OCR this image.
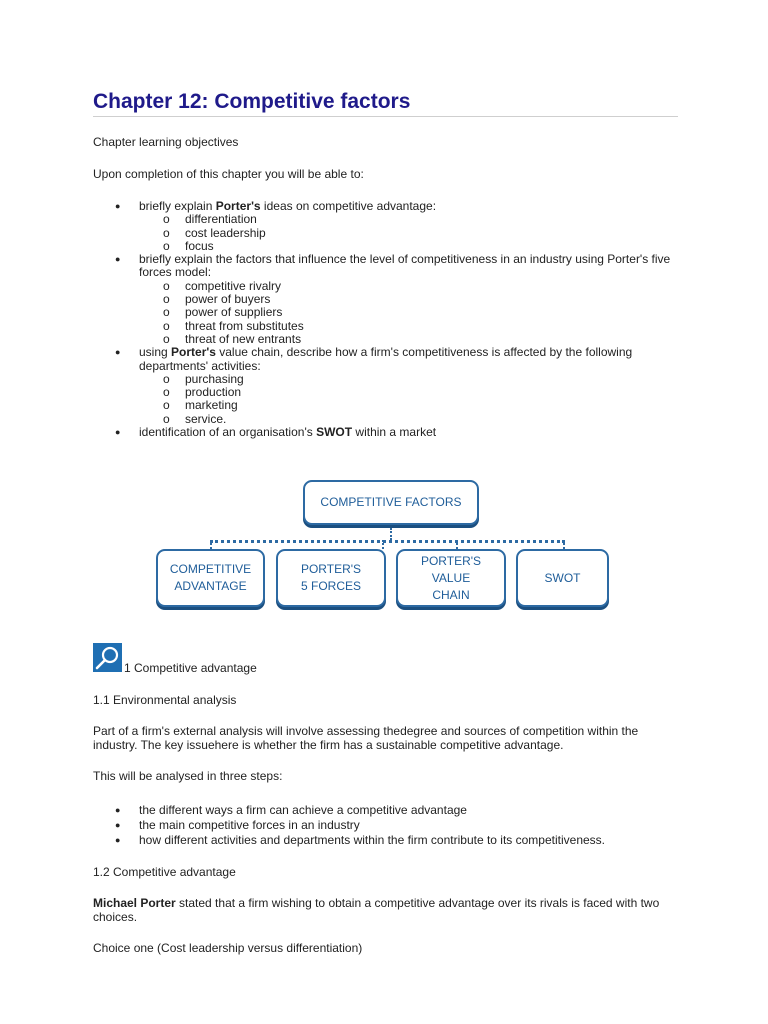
Chapter 12: Competitive factors

Chapter learning objectives

Upon completion of this chapter you will be able to:

● briefly explain Porter's ideas on competitive advantage:
o differentiation
o cost leadership
o focus
● briefly explain the factors that influence the level of competitiveness in an industry using Porter's five forces model:
o competitive rivalry
o power of buyers
o power of suppliers
o threat from substitutes
o threat of new entrants
● using Porter's value chain, describe how a firm's competitiveness is affected by the following departments' activities:
o purchasing
o production
o marketing
o service.
● identification of an organisation's SWOT within a market
COMPETITIVE FACTORS
COMPETITIVE
ADVANTAGE
PORTER'S
5 FORCES
PORTER'S VALUE
CHAIN
SWOT

1 Competitive advantage

1.1 Environmental analysis

Part of a firm's external analysis will involve assessing thedegree and sources of competition within the industry. The key issuehere is whether the firm has a sustainable competitive advantage.

This will be analysed in three steps:

● the different ways a firm can achieve a competitive advantage
● the main competitive forces in an industry
● how different activities and departments within the firm contribute to its competitiveness.

1.2 Competitive advantage

Michael Porter stated that a firm wishing to obtain a competitive advantage over its rivals is faced with two choices.

Choice one (Cost leadership versus differentiation)
